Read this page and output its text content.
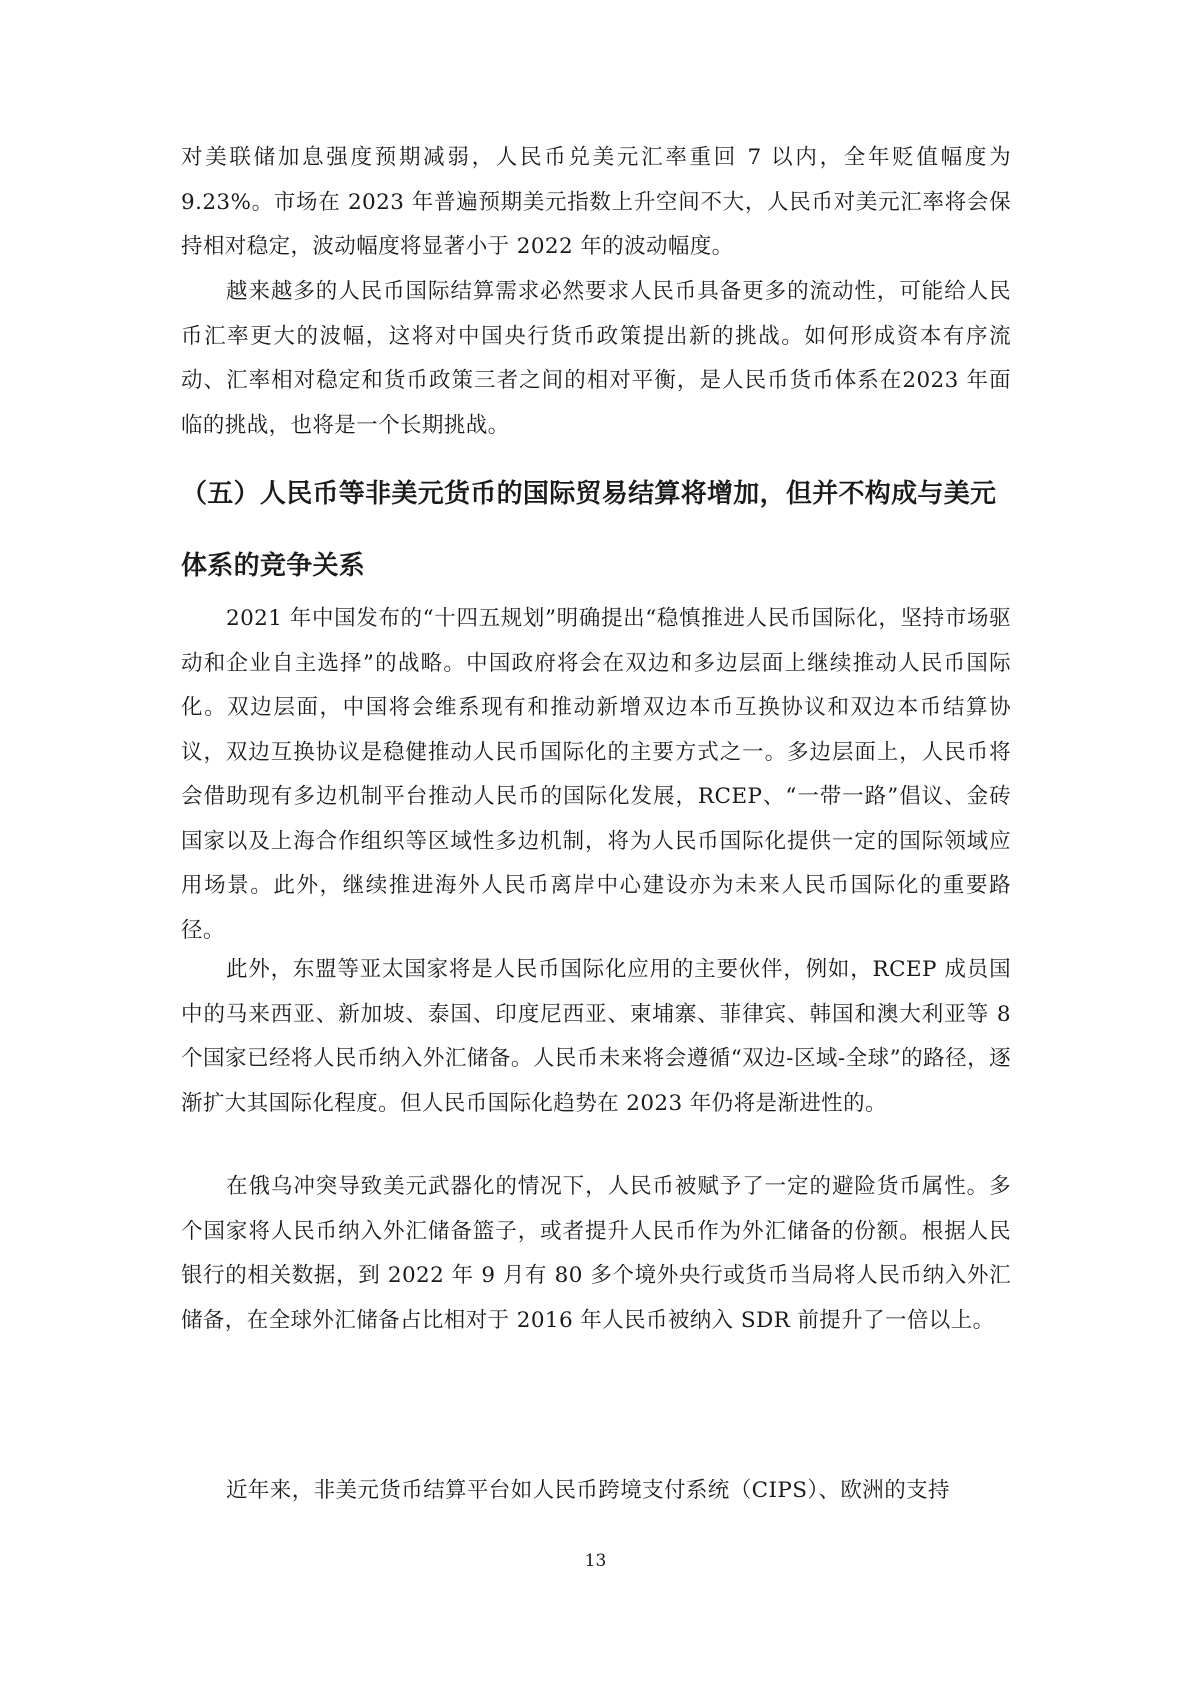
对美联储加息强度预期减弱，人民币兑美元汇率重回 7 以内，全年贬值幅度为9.23%。市场在 2023 年普遍预期美元指数上升空间不大，人民币对美元汇率将会保持相对稳定，波动幅度将显著小于 2022 年的波动幅度。

越来越多的人民币国际结算需求必然要求人民币具备更多的流动性，可能给人民币汇率更大的波幅，这将对中国央行货币政策提出新的挑战。如何形成资本有序流动、汇率相对稳定和货币政策三者之间的相对平衡，是人民币货币体系在2023 年面临的挑战，也将是一个长期挑战。

（五）人民币等非美元货币的国际贸易结算将增加，但并不构成与美元体系的竞争关系

2021 年中国发布的“十四五规划”明确提出“稳慎推进人民币国际化，坚持市场驱动和企业自主选择”的战略。中国政府将会在双边和多边层面上继续推动人民币国际化。双边层面，中国将会维系现有和推动新增双边本币互换协议和双边本币结算协议，双边互换协议是稳健推动人民币国际化的主要方式之一。多边层面上，人民币将会借助现有多边机制平台推动人民币的国际化发展，RCEP、“一带一路”倡议、金砖国家以及上海合作组织等区域性多边机制，将为人民币国际化提供一定的国际领域应用场景。此外，继续推进海外人民币离岸中心建设亦为未来人民币国际化的重要路径。

此外，东盟等亚太国家将是人民币国际化应用的主要伙伴，例如，RCEP 成员国中的马来西亚、新加坡、泰国、印度尼西亚、柬埔寨、菲律宾、韩国和澳大利亚等 8 个国家已经将人民币纳入外汇储备。人民币未来将会遵循“双边-区域-全球”的路径，逐渐扩大其国际化程度。但人民币国际化趋势在 2023 年仍将是渐进性的。

在俄乌冲突导致美元武器化的情况下，人民币被赋予了一定的避险货币属性。多个国家将人民币纳入外汇储备篮子，或者提升人民币作为外汇储备的份额。根据人民银行的相关数据，到 2022 年 9 月有 80 多个境外央行或货币当局将人民币纳入外汇储备，在全球外汇储备占比相对于 2016 年人民币被纳入 SDR 前提升了一倍以上。

近年来，非美元货币结算平台如人民币跨境支付系统（CIPS）、欧洲的支持

13
